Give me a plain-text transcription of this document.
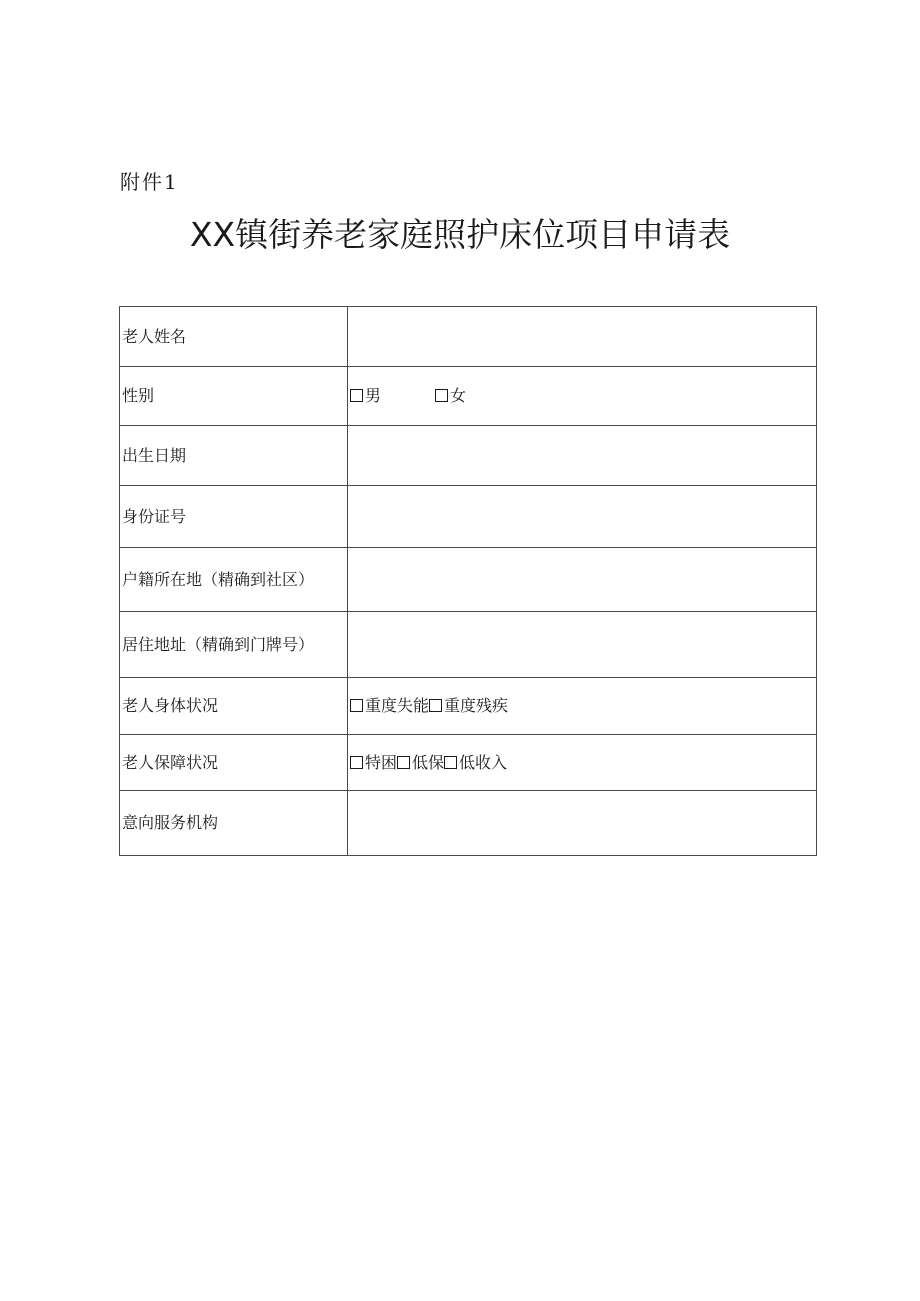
附件1
XX镇街养老家庭照护床位项目申请表
老人姓名	
性别	男 女
出生日期	
身份证号	
户籍所在地（精确到社区）	
居住地址（精确到门牌号）	
老人身体状况	重度失能 重度残疾
老人保障状况	特困 低保 低收入
意向服务机构	
